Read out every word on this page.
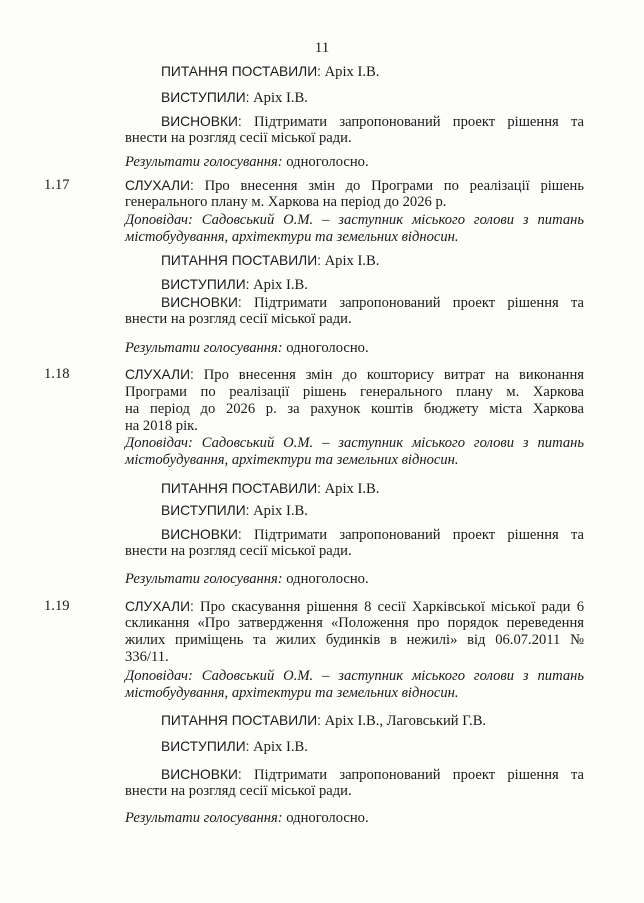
11
ПИТАННЯ ПОСТАВИЛИ: Аріх І.В.
ВИСТУПИЛИ: Аріх І.В.
ВИСНОВКИ: Підтримати запропонований проект рішення та
внести на розгляд сесії міської ради.
Результати голосування: одноголосно.
1.17	СЛУХАЛИ: Про внесення змін до Програми по реалізації рішень
генерального плану м. Харкова на період до 2026 р.
Доповідач: Садовський О.М. – заступник міського голови з питань
містобудування, архітектури та земельних відносин.
ПИТАННЯ ПОСТАВИЛИ: Аріх І.В.
ВИСТУПИЛИ: Аріх І.В.
ВИСНОВКИ: Підтримати запропонований проект рішення та
внести на розгляд сесії міської ради.
Результати голосування: одноголосно.
1.18	СЛУХАЛИ: Про внесення змін до кошторису витрат на виконання
Програми по реалізації рішень генерального плану м. Харкова
на період до 2026 р. за рахунок коштів бюджету міста Харкова
на 2018 рік.
Доповідач: Садовський О.М. – заступник міського голови з питань
містобудування, архітектури та земельних відносин.
ПИТАННЯ ПОСТАВИЛИ: Аріх І.В.
ВИСТУПИЛИ: Аріх І.В.
ВИСНОВКИ: Підтримати запропонований проект рішення та
внести на розгляд сесії міської ради.
Результати голосування: одноголосно.
1.19	СЛУХАЛИ: Про скасування рішення 8 сесії Харківської міської ради 6
скликання «Про затвердження «Положення про порядок переведення
жилих приміщень та жилих будинків в нежилі» від 06.07.2011 №
336/11.
Доповідач: Садовський О.М. – заступник міського голови з питань
містобудування, архітектури та земельних відносин.
ПИТАННЯ ПОСТАВИЛИ: Аріх І.В., Лаговський Г.В.
ВИСТУПИЛИ: Аріх І.В.
ВИСНОВКИ: Підтримати запропонований проект рішення та
внести на розгляд сесії міської ради.
Результати голосування: одноголосно.
